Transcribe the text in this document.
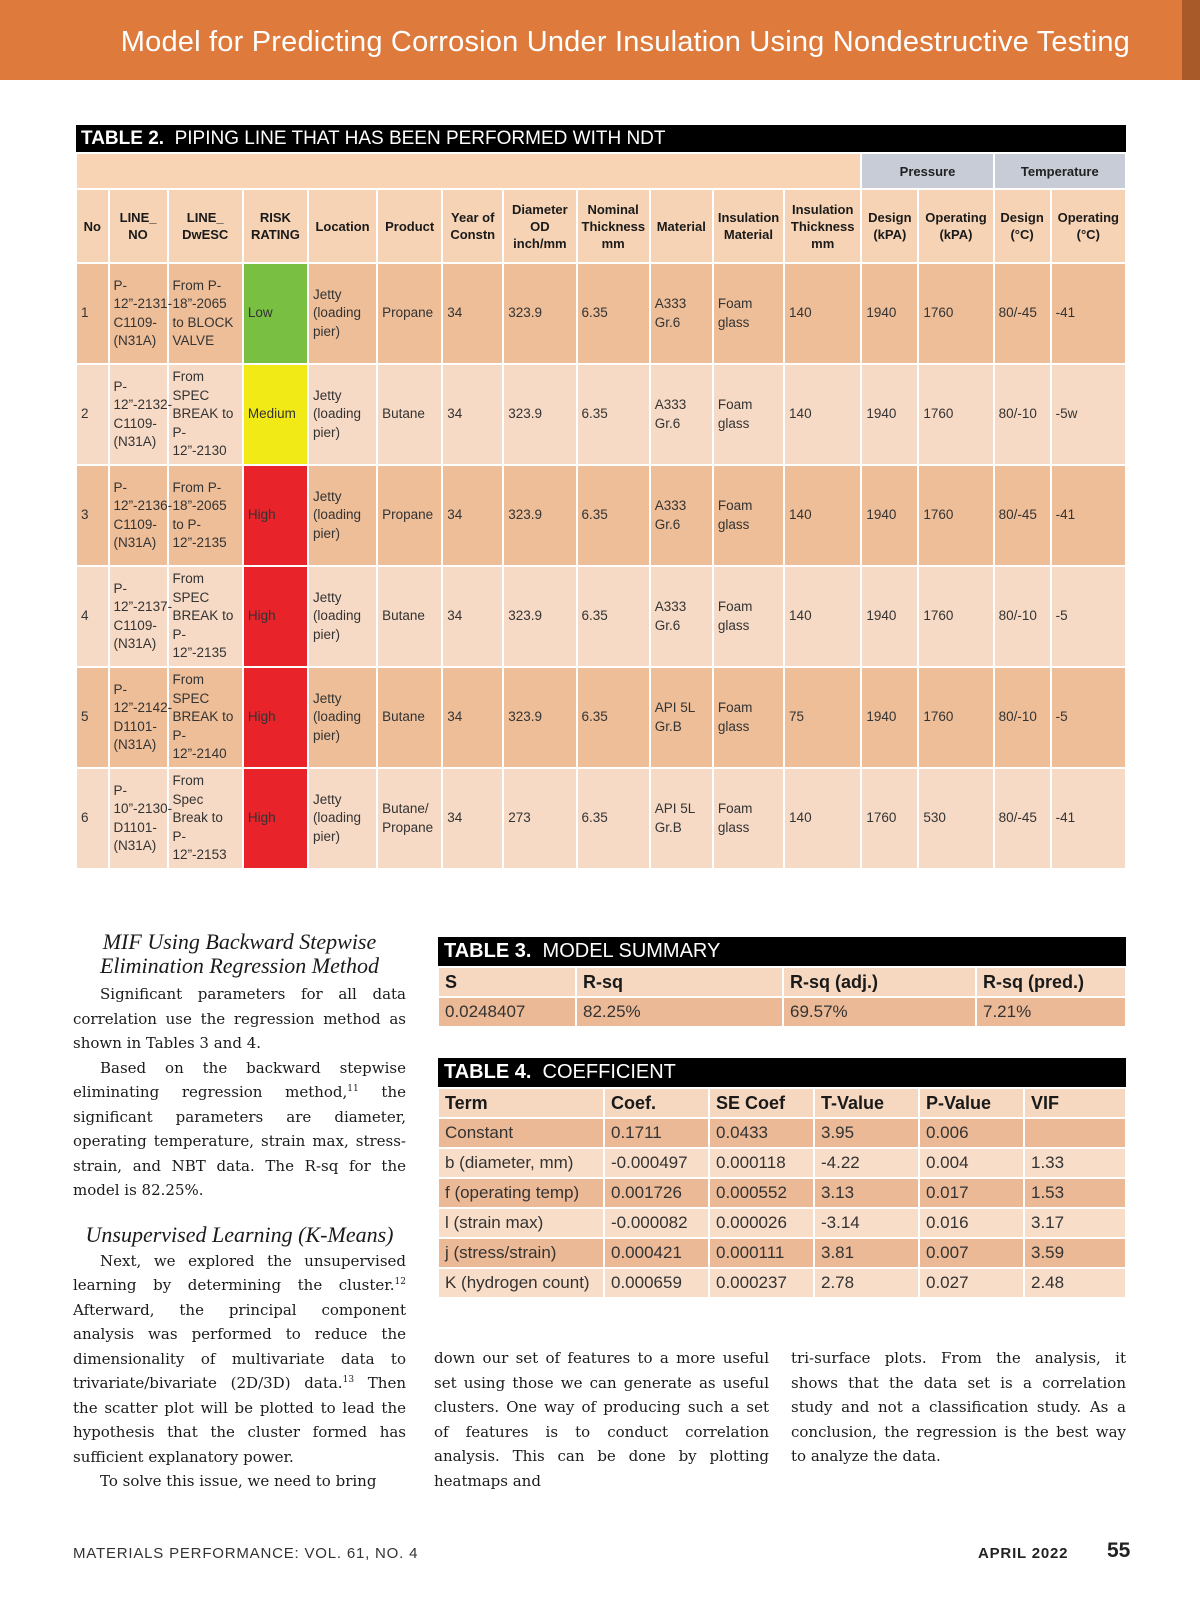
Model for Predicting Corrosion Under Insulation Using Nondestructive Testing
TABLE 2. PIPING LINE THAT HAS BEEN PERFORMED WITH NDT															
												Pressure		Temperature	
No	LINE_ NO	LINE_ DwESC	RISK RATING	Location	Product	Year of Constn	Diameter OD inch/mm	Nominal Thickness mm	Material	Insulation Material	Insulation Thickness mm	Design (kPA)	Operating (kPA)	Design (°C)	Operating (°C)
1	P-12”-2131-C1109-(N31A)	From P-18”-2065 to BLOCK VALVE	Low	Jetty (loading pier)	Propane	34	323.9	6.35	A333 Gr.6	Foam glass	140	1940	1760	80/-45	-41
2	P-12”-2132-C1109-(N31A)	From SPEC BREAK to P-12”-2130	Medium	Jetty (loading pier)	Butane	34	323.9	6.35	A333 Gr.6	Foam glass	140	1940	1760	80/-10	-5w
3	P-12”-2136-C1109-(N31A)	From P-18”-2065 to P-12”-2135	High	Jetty (loading pier)	Propane	34	323.9	6.35	A333 Gr.6	Foam glass	140	1940	1760	80/-45	-41
4	P-12”-2137-C1109-(N31A)	From SPEC BREAK to P-12”-2135	High	Jetty (loading pier)	Butane	34	323.9	6.35	A333 Gr.6	Foam glass	140	1940	1760	80/-10	-5
5	P-12”-2142-D1101-(N31A)	From SPEC BREAK to P-12”-2140	High	Jetty (loading pier)	Butane	34	323.9	6.35	API 5L Gr.B	Foam glass	75	1940	1760	80/-10	-5
6	P-10”-2130-D1101-(N31A)	From Spec Break to P-12”-2153	High	Jetty (loading pier)	Butane/ Propane	34	273	6.35	API 5L Gr.B	Foam glass	140	1760	530	80/-45	-41

MIF Using Backward Stepwise Elimination Regression Method

Significant parameters for all data correlation use the regression method as shown in Tables 3 and 4.

Based on the backward stepwise eliminating regression method,$^{11}$ the significant parameters are diameter, operating temperature, strain max, stress-strain, and NBT data. The R-sq for the model is 82.25%.

Unsupervised Learning (K-Means)

Next, we explored the unsupervised learning by determining the cluster.$^{12}$ Afterward, the principal component analysis was performed to reduce the dimensionality of multivariate data to trivariate/bivariate (2D/3D) data.$^{13}$ Then the scatter plot will be plotted to lead the hypothesis that the cluster formed has sufficient explanatory power.

To solve this issue, we need to bring

TABLE 3. MODEL SUMMARY			
S	R-sq	R-sq (adj.)	R-sq (pred.)
0.0248407	82.25%	69.57%	7.21%
TABLE 4. COEFFICIENT					
Term	Coef.	SE Coef	T-Value	P-Value	VIF
Constant	0.1711	0.0433	3.95	0.006	
b (diameter, mm)	-0.000497	0.000118	-4.22	0.004	1.33
f (operating temp)	0.001726	0.000552	3.13	0.017	1.53
l (strain max)	-0.000082	0.000026	-3.14	0.016	3.17
j (stress/strain)	0.000421	0.000111	3.81	0.007	3.59
K (hydrogen count)	0.000659	0.000237	2.78	0.027	2.48

down our set of features to a more useful set using those we can generate as useful clusters. One way of producing such a set of features is to conduct correlation analysis. This can be done by plotting heatmaps and

tri-surface plots. From the analysis, it shows that the data set is a correlation study and not a classification study. As a conclusion, the regression is the best way to analyze the data.

MATERIALS PERFORMANCE: VOL. 61, NO. 4	APRIL 2022 55
